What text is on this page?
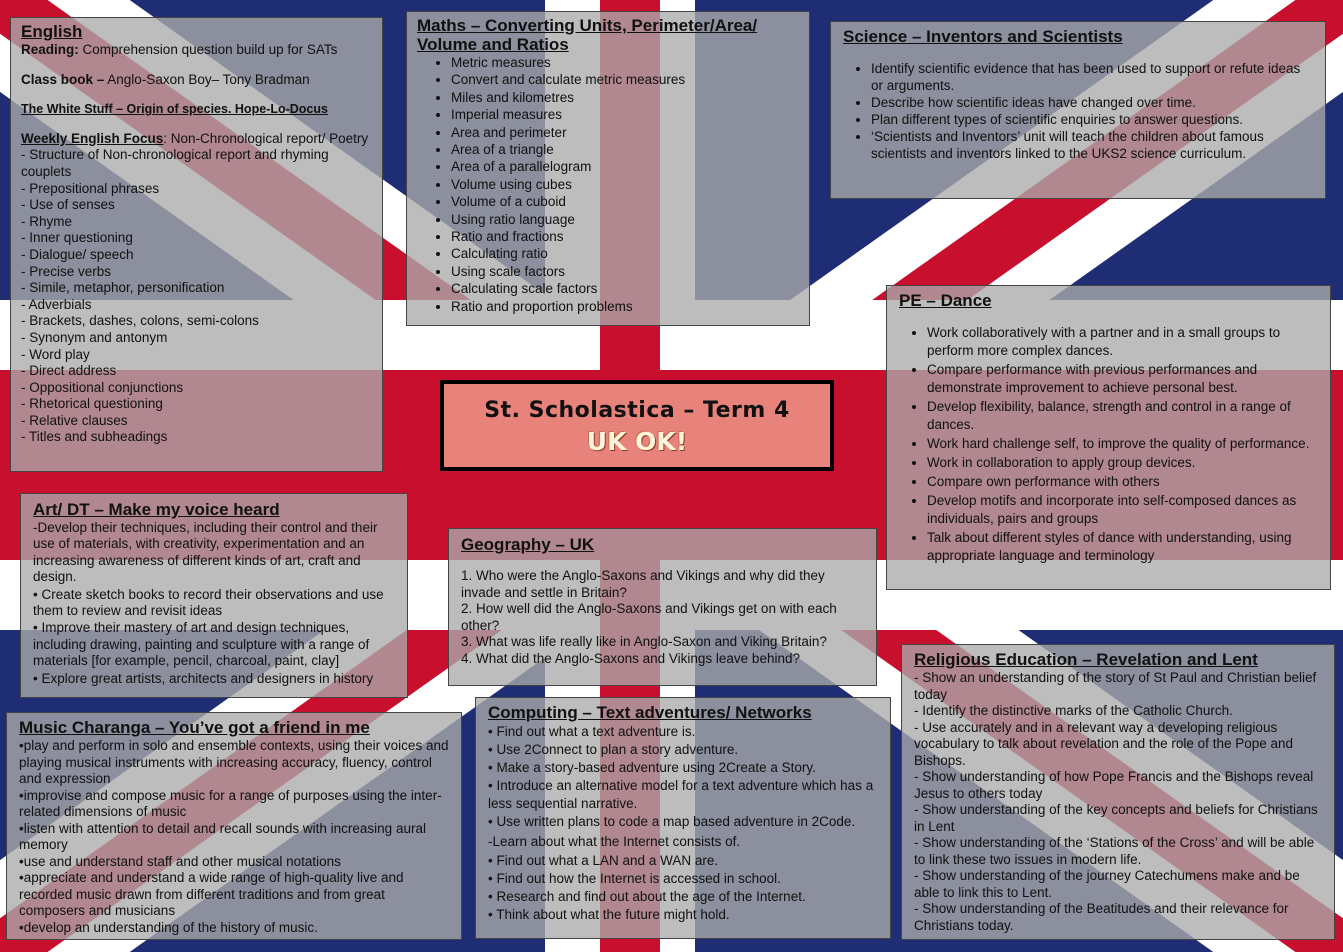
English

Reading: Comprehension question build up for SATs

Class book – Anglo-Saxon Boy– Tony Bradman

The White Stuff – Origin of species. Hope-Lo-Docus

Weekly English Focus: Non-Chronological report/ Poetry

- Structure of Non-chronological report and rhyming couplets
- Prepositional phrases
- Use of senses
- Rhyme
- Inner questioning
- Dialogue/ speech
- Precise verbs
- Simile, metaphor, personification
- Adverbials
- Brackets, dashes, colons, semi-colons
- Synonym and antonym
- Word play
- Direct address
- Oppositional conjunctions
- Rhetorical questioning
- Relative clauses
- Titles and subheadings
Maths – Converting Units, Perimeter/Area/ Volume and Ratios
• Metric measures
• Convert and calculate metric measures
• Miles and kilometres
• Imperial measures
• Area and perimeter
• Area of a triangle
• Area of a parallelogram
• Volume using cubes
• Volume of a cuboid
• Using ratio language
• Ratio and fractions
• Calculating ratio
• Using scale factors
• Calculating scale factors
• Ratio and proportion problems
Science – Inventors and Scientists
• Identify scientific evidence that has been used to support or refute ideas or arguments.
• Describe how scientific ideas have changed over time.
• Plan different types of scientific enquiries to answer questions.
• ‘Scientists and Inventors’ unit will teach the children about famous scientists and inventors linked to the UKS2 science curriculum.
PE – Dance
• Work collaboratively with a partner and in a small groups to perform more complex dances.
• Compare performance with previous performances and demonstrate improvement to achieve personal best.
• Develop flexibility, balance, strength and control in a range of dances.
• Work hard challenge self, to improve the quality of performance.
• Work in collaboration to apply group devices.
• Compare own performance with others
• Develop motifs and incorporate into self-composed dances as individuals, pairs and groups
• Talk about different styles of dance with understanding, using appropriate language and terminology
St. Scholastica – Term 4
UK OK!
Art/ DT – Make my voice heard
-Develop their techniques, including their control and their use of materials, with creativity, experimentation and an increasing awareness of different kinds of art, craft and design.
• Create sketch books to record their observations and use them to review and revisit ideas
• Improve their mastery of art and design techniques, including drawing, painting and sculpture with a range of materials [for example, pencil, charcoal, paint, clay]
• Explore great artists, architects and designers in history
Geography – UK
1. Who were the Anglo-Saxons and Vikings and why did they invade and settle in Britain?
2. How well did the Anglo-Saxons and Vikings get on with each other?
3. What was life really like in Anglo-Saxon and Viking Britain?
4. What did the Anglo-Saxons and Vikings leave behind?
Music Charanga – You’ve got a friend in me
•play and perform in solo and ensemble contexts, using their voices and playing musical instruments with increasing accuracy, fluency, control and expression
•improvise and compose music for a range of purposes using the inter-related dimensions of music
•listen with attention to detail and recall sounds with increasing aural memory
•use and understand staff and other musical notations
•appreciate and understand a wide range of high-quality live and recorded music drawn from different traditions and from great composers and musicians
•develop an understanding of the history of music.
Computing – Text adventures/ Networks
• Find out what a text adventure is.
• Use 2Connect to plan a story adventure.
• Make a story-based adventure using 2Create a Story.
• Introduce an alternative model for a text adventure which has a less sequential narrative.
• Use written plans to code a map based adventure in 2Code.
-Learn about what the Internet consists of.
• Find out what a LAN and a WAN are.
• Find out how the Internet is accessed in school.
• Research and find out about the age of the Internet.
• Think about what the future might hold.
Religious Education – Revelation and Lent
- Show an understanding of the story of St Paul and Christian belief today
- Identify the distinctive marks of the Catholic Church.
- Use accurately and in a relevant way a developing religious vocabulary to talk about revelation and the role of the Pope and Bishops.
- Show understanding of how Pope Francis and the Bishops reveal Jesus to others today
- Show understanding of the key concepts and beliefs for Christians in Lent
- Show understanding of the ‘Stations of the Cross’ and will be able to link these two issues in modern life.
- Show understanding of the journey Catechumens make and be able to link this to Lent.
- Show understanding of the Beatitudes and their relevance for Christians today.
